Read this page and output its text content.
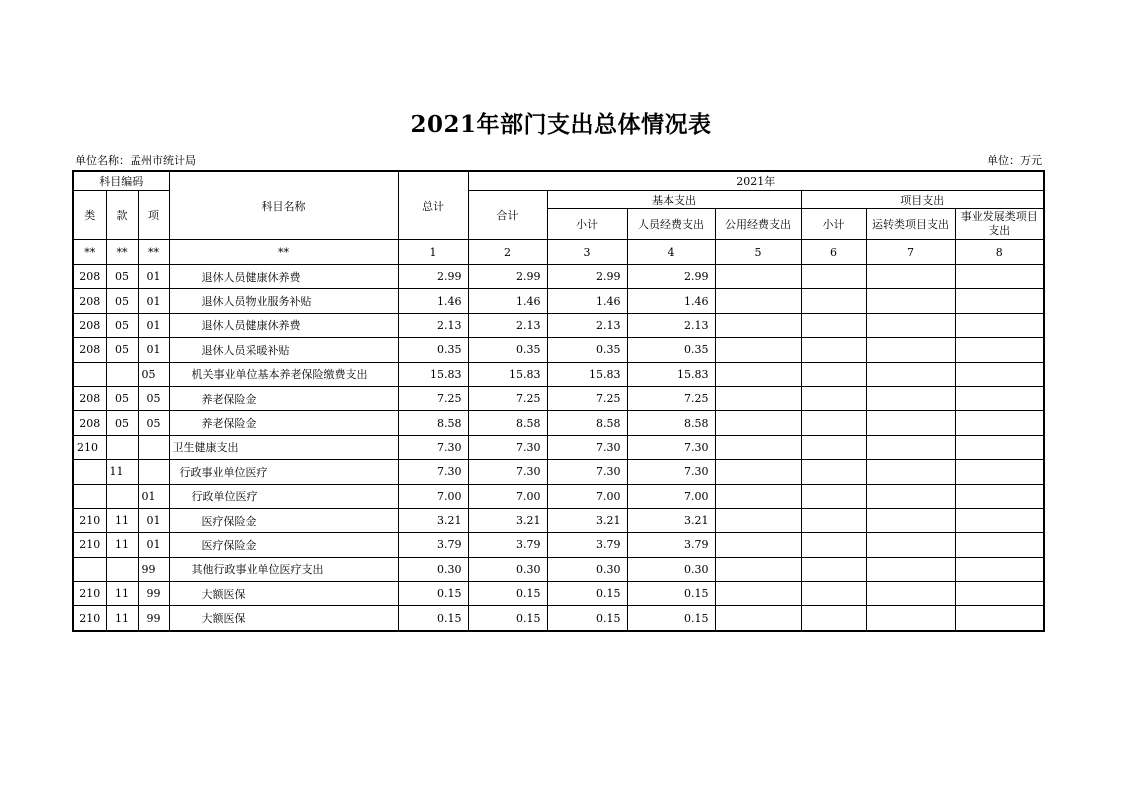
2021年部门支出总体情况表
单位名称：孟州市统计局	单位：万元
科目编码			科目名称	总计	2021年						
类	款	项			合计	基本支出			项目支出		
						小计	人员经费支出	公用经费支出	小计	运转类项目支出	事业发展类项目支出
**	**	**	**	1	2	3	4	5	6	7	8
208	05	01	退休人员健康休养费	2.99	2.99	2.99	2.99				
208	05	01	退休人员物业服务补贴	1.46	1.46	1.46	1.46				
208	05	01	退休人员健康休养费	2.13	2.13	2.13	2.13				
208	05	01	退休人员采暖补贴	0.35	0.35	0.35	0.35				
		05	机关事业单位基本养老保险缴费支出	15.83	15.83	15.83	15.83				
208	05	05	养老保险金	7.25	7.25	7.25	7.25				
208	05	05	养老保险金	8.58	8.58	8.58	8.58				
210			卫生健康支出	7.30	7.30	7.30	7.30				
	11		行政事业单位医疗	7.30	7.30	7.30	7.30				
		01	行政单位医疗	7.00	7.00	7.00	7.00				
210	11	01	医疗保险金	3.21	3.21	3.21	3.21				
210	11	01	医疗保险金	3.79	3.79	3.79	3.79				
		99	其他行政事业单位医疗支出	0.30	0.30	0.30	0.30				
210	11	99	大额医保	0.15	0.15	0.15	0.15				
210	11	99	大额医保	0.15	0.15	0.15	0.15				
